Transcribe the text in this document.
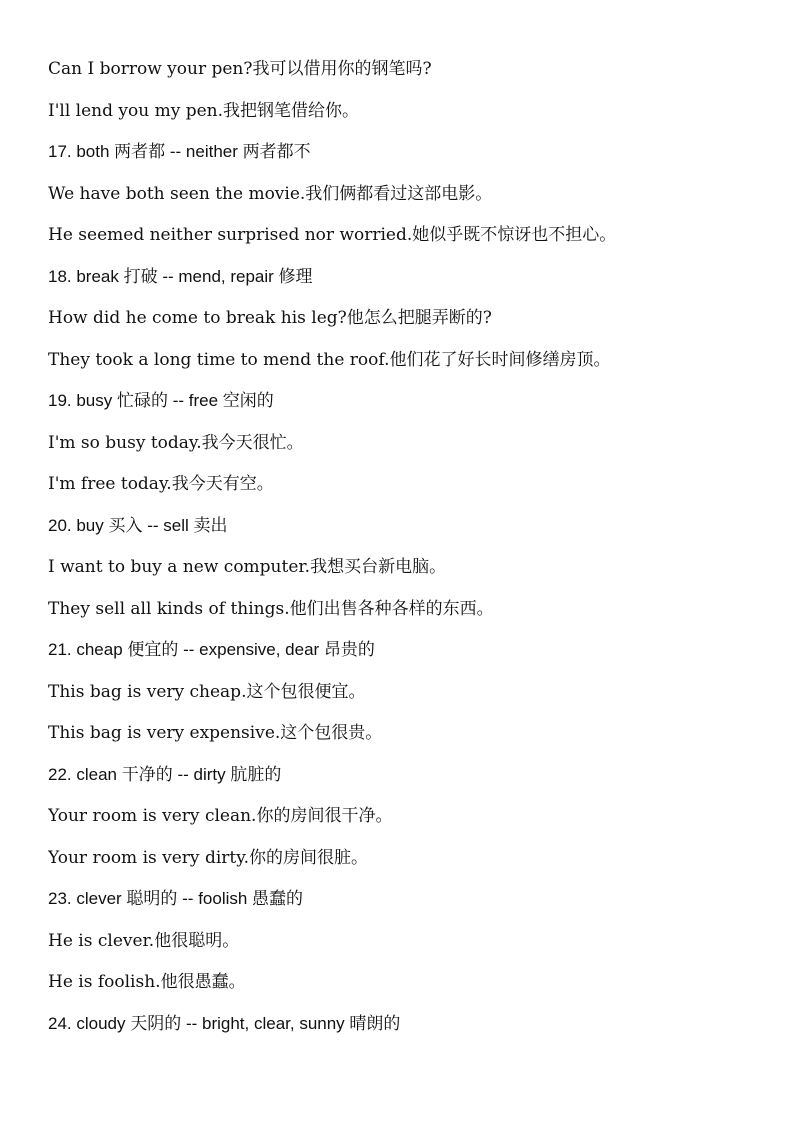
Can I borrow your pen?我可以借用你的钢笔吗?
I'll lend you my pen.我把钢笔借给你。
17. both 两者都 -- neither 两者都不
We have both seen the movie.我们俩都看过这部电影。
He seemed neither surprised nor worried.她似乎既不惊讶也不担心。
18. break 打破 -- mend, repair 修理
How did he come to break his leg?他怎么把腿弄断的?
They took a long time to mend the roof.他们花了好长时间修缮房顶。
19. busy 忙碌的 -- free 空闲的
I'm so busy today.我今天很忙。
I'm free today.我今天有空。
20. buy 买入 -- sell 卖出
I want to buy a new computer.我想买台新电脑。
They sell all kinds of things.他们出售各种各样的东西。
21. cheap 便宜的 -- expensive, dear 昂贵的
This bag is very cheap.这个包很便宜。
This bag is very expensive.这个包很贵。
22. clean 干净的 -- dirty 肮脏的
Your room is very clean.你的房间很干净。
Your room is very dirty.你的房间很脏。
23. clever 聪明的 -- foolish 愚蠢的
He is clever.他很聪明。
He is foolish.他很愚蠢。
24. cloudy 天阴的 -- bright, clear, sunny 晴朗的
